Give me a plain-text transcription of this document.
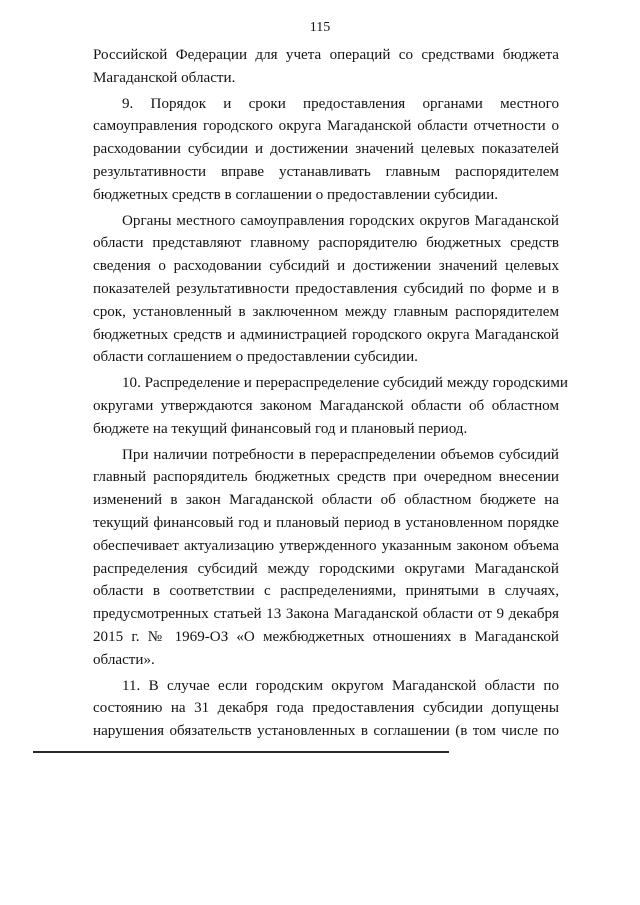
115
Российской Федерации для учета операций со средствами бюджета
Магаданской области.
9. Порядок и сроки предоставления органами местного
самоуправления городского округа Магаданской области отчетности о
расходовании субсидии и достижении значений целевых показателей
результативности вправе устанавливать главным распорядителем
бюджетных средств в соглашении о предоставлении субсидии.
Органы местного самоуправления городских округов Магаданской
области представляют главному распорядителю бюджетных средств
сведения о расходовании субсидий и достижении значений целевых
показателей результативности предоставления субсидий по форме и в
срок, установленный в заключенном между главным распорядителем
бюджетных средств и администрацией городского округа Магаданской
области соглашением о предоставлении субсидии.
10. Распределение и перераспределение субсидий между городскими
округами утверждаются законом Магаданской области об областном
бюджете на текущий финансовый год и плановый период.
При наличии потребности в перераспределении объемов субсидий
главный распорядитель бюджетных средств при очередном внесении
изменений в закон Магаданской области об областном бюджете на
текущий финансовый год и плановый период в установленном порядке
обеспечивает актуализацию утвержденного указанным законом объема
распределения субсидий между городскими округами Магаданской
области в соответствии с распределениями, принятыми в случаях,
предусмотренных статьей 13 Закона Магаданской области от 9 декабря
2015 г. № 1969-ОЗ «О межбюджетных отношениях в Магаданской
области».
11. В случае если городским округом Магаданской области по
состоянию на 31 декабря года предоставления субсидии допущены
нарушения обязательств установленных в соглашении (в том числе по
